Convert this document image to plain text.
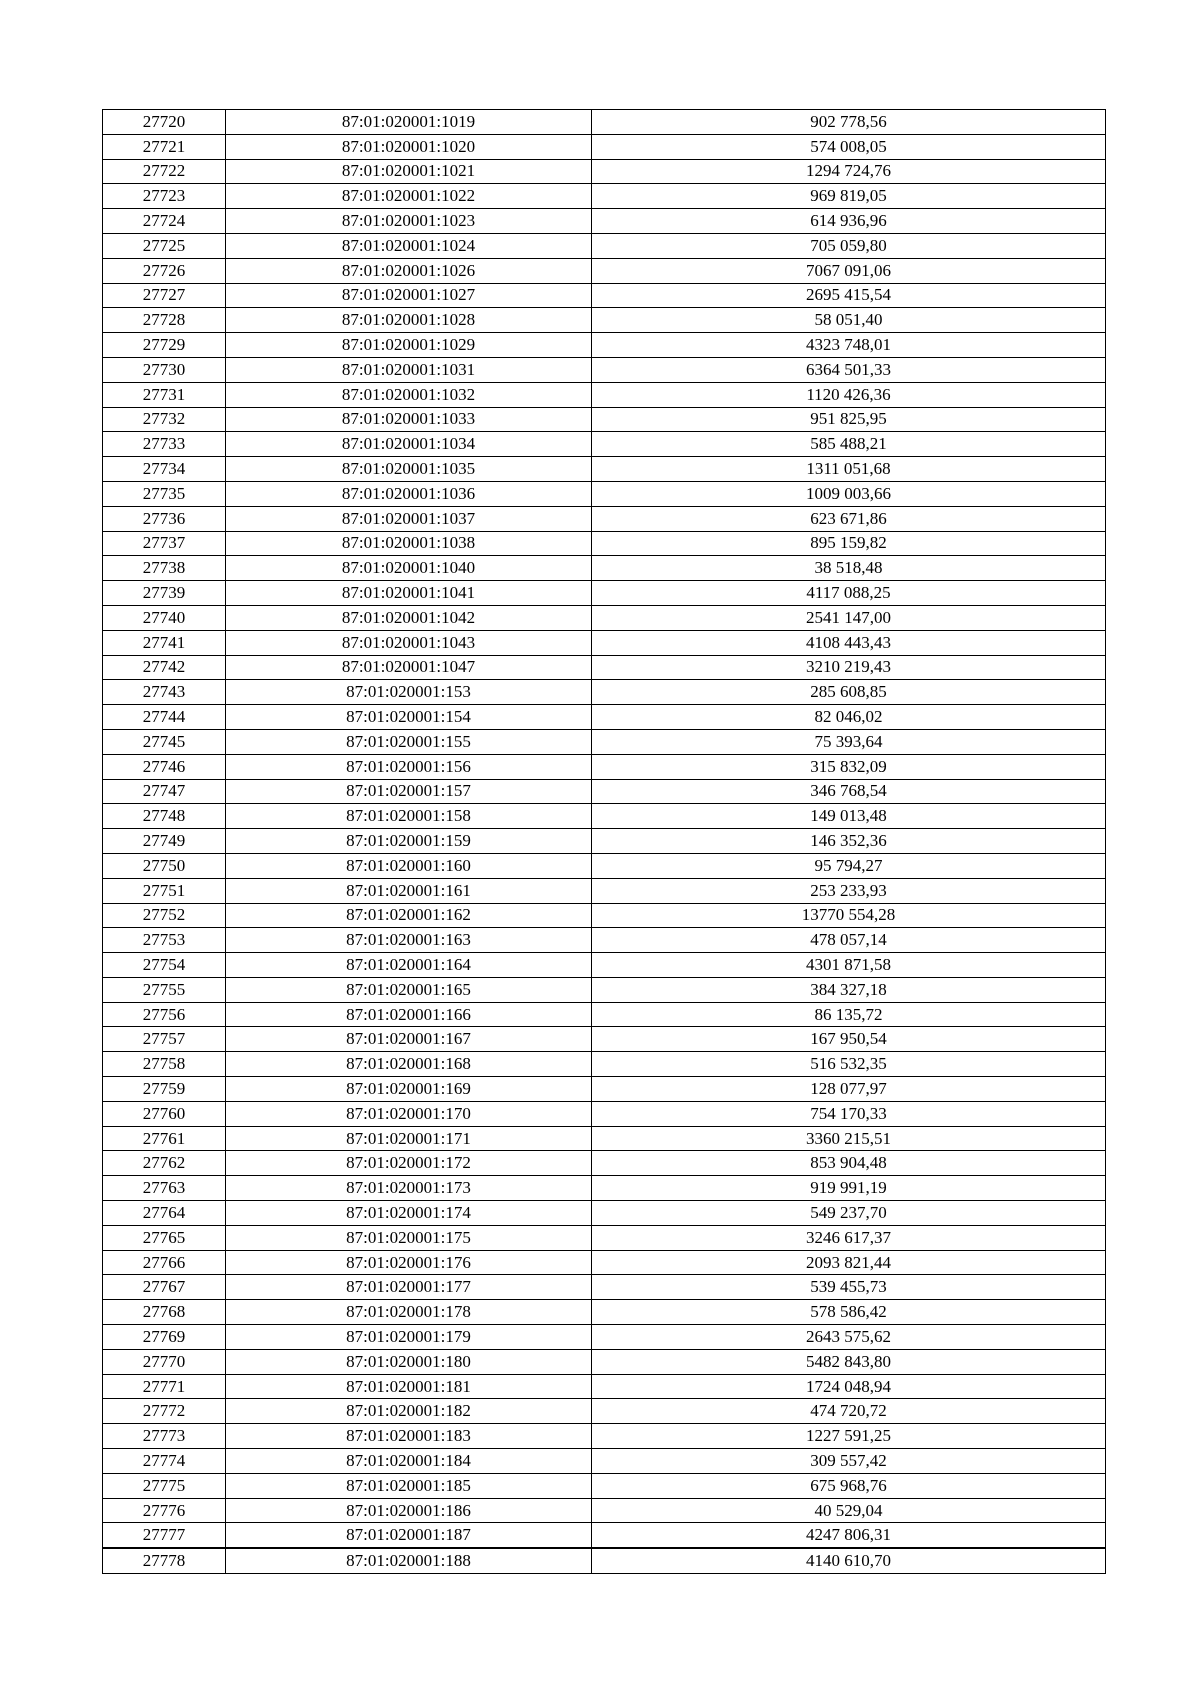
27720	87:01:020001:1019	902 778,56
27721	87:01:020001:1020	574 008,05
27722	87:01:020001:1021	1294 724,76
27723	87:01:020001:1022	969 819,05
27724	87:01:020001:1023	614 936,96
27725	87:01:020001:1024	705 059,80
27726	87:01:020001:1026	7067 091,06
27727	87:01:020001:1027	2695 415,54
27728	87:01:020001:1028	58 051,40
27729	87:01:020001:1029	4323 748,01
27730	87:01:020001:1031	6364 501,33
27731	87:01:020001:1032	1120 426,36
27732	87:01:020001:1033	951 825,95
27733	87:01:020001:1034	585 488,21
27734	87:01:020001:1035	1311 051,68
27735	87:01:020001:1036	1009 003,66
27736	87:01:020001:1037	623 671,86
27737	87:01:020001:1038	895 159,82
27738	87:01:020001:1040	38 518,48
27739	87:01:020001:1041	4117 088,25
27740	87:01:020001:1042	2541 147,00
27741	87:01:020001:1043	4108 443,43
27742	87:01:020001:1047	3210 219,43
27743	87:01:020001:153	285 608,85
27744	87:01:020001:154	82 046,02
27745	87:01:020001:155	75 393,64
27746	87:01:020001:156	315 832,09
27747	87:01:020001:157	346 768,54
27748	87:01:020001:158	149 013,48
27749	87:01:020001:159	146 352,36
27750	87:01:020001:160	95 794,27
27751	87:01:020001:161	253 233,93
27752	87:01:020001:162	13770 554,28
27753	87:01:020001:163	478 057,14
27754	87:01:020001:164	4301 871,58
27755	87:01:020001:165	384 327,18
27756	87:01:020001:166	86 135,72
27757	87:01:020001:167	167 950,54
27758	87:01:020001:168	516 532,35
27759	87:01:020001:169	128 077,97
27760	87:01:020001:170	754 170,33
27761	87:01:020001:171	3360 215,51
27762	87:01:020001:172	853 904,48
27763	87:01:020001:173	919 991,19
27764	87:01:020001:174	549 237,70
27765	87:01:020001:175	3246 617,37
27766	87:01:020001:176	2093 821,44
27767	87:01:020001:177	539 455,73
27768	87:01:020001:178	578 586,42
27769	87:01:020001:179	2643 575,62
27770	87:01:020001:180	5482 843,80
27771	87:01:020001:181	1724 048,94
27772	87:01:020001:182	474 720,72
27773	87:01:020001:183	1227 591,25
27774	87:01:020001:184	309 557,42
27775	87:01:020001:185	675 968,76
27776	87:01:020001:186	40 529,04
27777	87:01:020001:187	4247 806,31
27778	87:01:020001:188	4140 610,70
